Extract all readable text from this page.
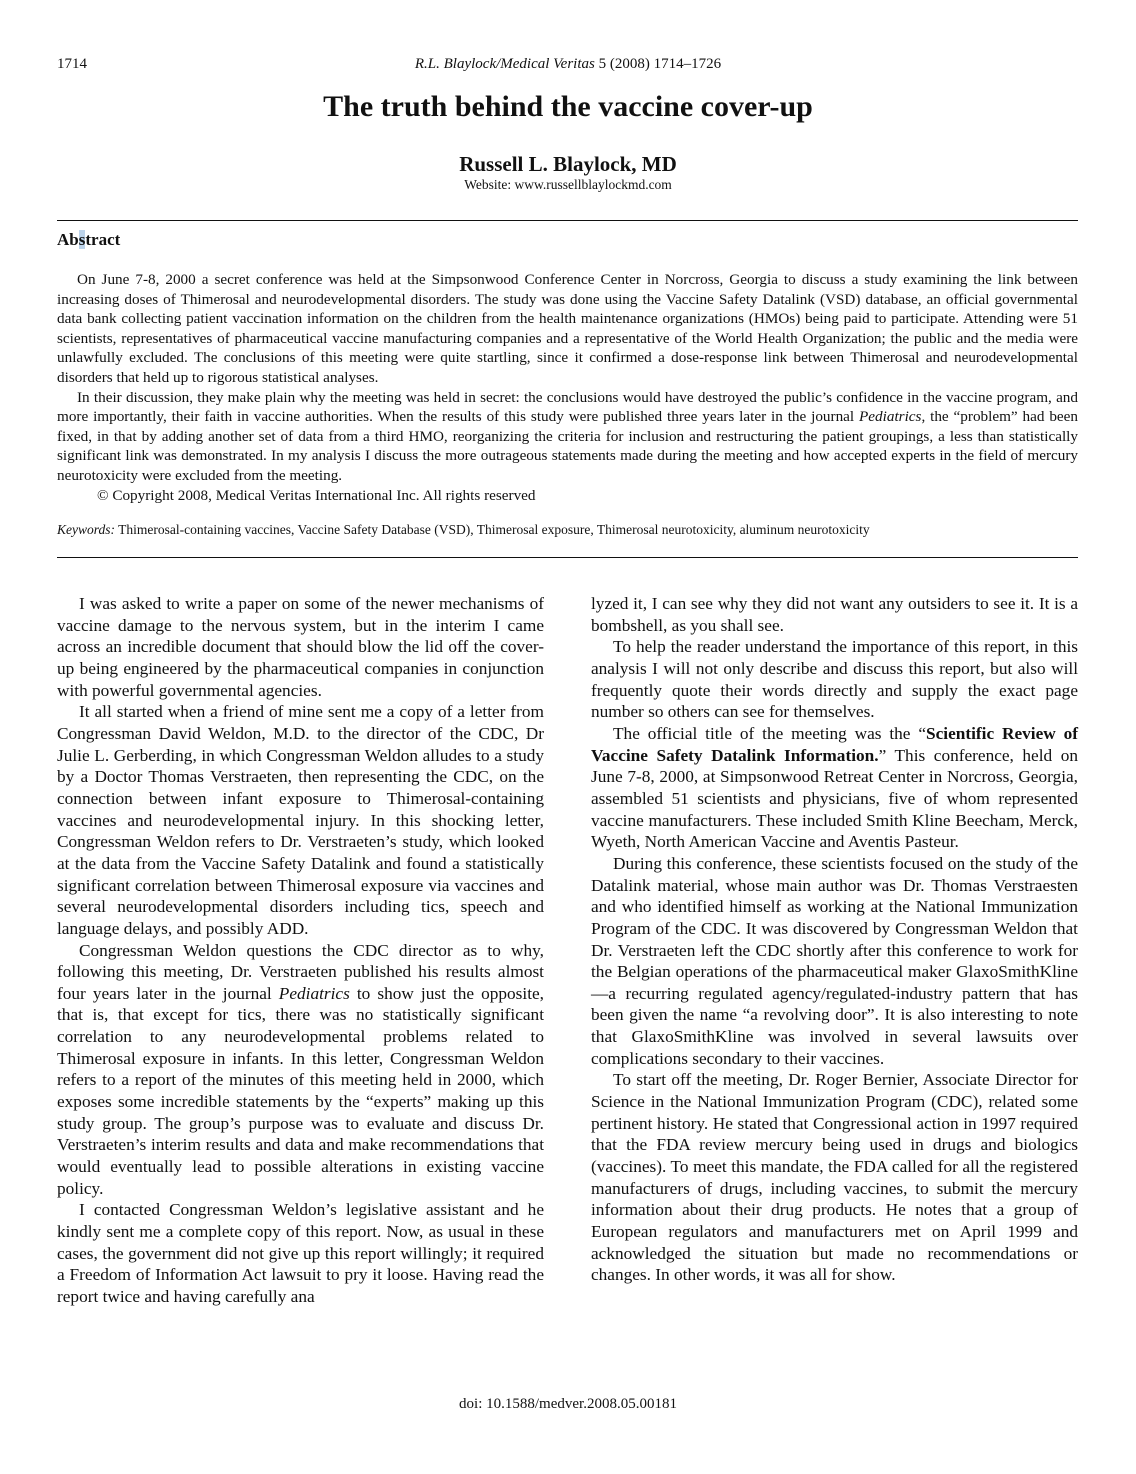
1714	R.L. Blaylock/Medical Veritas 5 (2008) 1714–1726
The truth behind the vaccine cover-up
Russell L. Blaylock, MD
Website: www.russellblaylockmd.com
Abstract

On June 7-8, 2000 a secret conference was held at the Simpsonwood Conference Center in Norcross, Georgia to discuss a study examining the link between increasing doses of Thimerosal and neurodevelopmental disorders. The study was done using the Vaccine Safety Datalink (VSD) database, an official governmental data bank collecting patient vaccination information on the children from the health maintenance organizations (HMOs) being paid to participate. Attending were 51 scientists, representatives of pharmaceutical vaccine manufacturing companies and a representative of the World Health Organization; the public and the media were unlawfully excluded. The conclusions of this meeting were quite startling, since it confirmed a dose-response link between Thimerosal and neurodevelopmental disorders that held up to rigorous statistical analyses.

In their discussion, they make plain why the meeting was held in secret: the conclusions would have destroyed the public’s confidence in the vaccine program, and more importantly, their faith in vaccine authorities. When the results of this study were published three years later in the journal Pediatrics, the “problem” had been fixed, in that by adding another set of data from a third HMO, reorganizing the criteria for inclusion and restructuring the patient groupings, a less than statistically significant link was demonstrated. In my analysis I discuss the more outrageous statements made during the meeting and how accepted experts in the field of mercury neurotoxicity were excluded from the meeting.

© Copyright 2008, Medical Veritas International Inc. All rights reserved

Keywords: Thimerosal-containing vaccines, Vaccine Safety Database (VSD), Thimerosal exposure, Thimerosal neurotoxicity, aluminum neurotoxicity

I was asked to write a paper on some of the newer mechanisms of vaccine damage to the nervous system, but in the interim I came across an incredible document that should blow the lid off the cover-up being engineered by the pharmaceutical companies in conjunction with powerful governmental agencies.

It all started when a friend of mine sent me a copy of a letter from Congressman David Weldon, M.D. to the director of the CDC, Dr Julie L. Gerberding, in which Congressman Weldon alludes to a study by a Doctor Thomas Verstraeten, then representing the CDC, on the connection between infant exposure to Thimerosal-containing vaccines and neurodevelopmental injury. In this shocking letter, Congressman Weldon refers to Dr. Verstraeten’s study, which looked at the data from the Vaccine Safety Datalink and found a statistically significant correlation between Thimerosal exposure via vaccines and several neurodevelopmental disorders including tics, speech and language delays, and possibly ADD.

Congressman Weldon questions the CDC director as to why, following this meeting, Dr. Verstraeten published his results almost four years later in the journal Pediatrics to show just the opposite, that is, that except for tics, there was no statistically significant correlation to any neurodevelopmental problems related to Thimerosal exposure in infants. In this letter, Congressman Weldon refers to a report of the minutes of this meeting held in 2000, which exposes some incredible statements by the “experts” making up this study group. The group’s purpose was to evaluate and discuss Dr. Verstraeten’s interim results and data and make recommendations that would eventually lead to possible alterations in existing vaccine policy.

I contacted Congressman Weldon’s legislative assistant and he kindly sent me a complete copy of this report. Now, as usual in these cases, the government did not give up this report willingly; it required a Freedom of Information Act lawsuit to pry it loose. Having read the report twice and having carefully ana

lyzed it, I can see why they did not want any outsiders to see it. It is a bombshell, as you shall see.

To help the reader understand the importance of this report, in this analysis I will not only describe and discuss this report, but also will frequently quote their words directly and supply the exact page number so others can see for themselves.

The official title of the meeting was the “Scientific Review of Vaccine Safety Datalink Information.” This conference, held on June 7-8, 2000, at Simpsonwood Retreat Center in Norcross, Georgia, assembled 51 scientists and physicians, five of whom represented vaccine manufacturers. These included Smith Kline Beecham, Merck, Wyeth, North American Vaccine and Aventis Pasteur.

During this conference, these scientists focused on the study of the Datalink material, whose main author was Dr. Thomas Verstraesten and who identified himself as working at the National Immunization Program of the CDC. It was discovered by Congressman Weldon that Dr. Verstraeten left the CDC shortly after this conference to work for the Belgian operations of the pharmaceutical maker GlaxoSmithKline—a recurring regulated agency/regulated-industry pattern that has been given the name “a revolving door”. It is also interesting to note that GlaxoSmithKline was involved in several lawsuits over complications secondary to their vaccines.

To start off the meeting, Dr. Roger Bernier, Associate Director for Science in the National Immunization Program (CDC), related some pertinent history. He stated that Congressional action in 1997 required that the FDA review mercury being used in drugs and biologics (vaccines). To meet this mandate, the FDA called for all the registered manufacturers of drugs, including vaccines, to submit the mercury information about their drug products. He notes that a group of European regulators and manufacturers met on April 1999 and acknowledged the situation but made no recommendations or changes. In other words, it was all for show.

doi: 10.1588/medver.2008.05.00181
